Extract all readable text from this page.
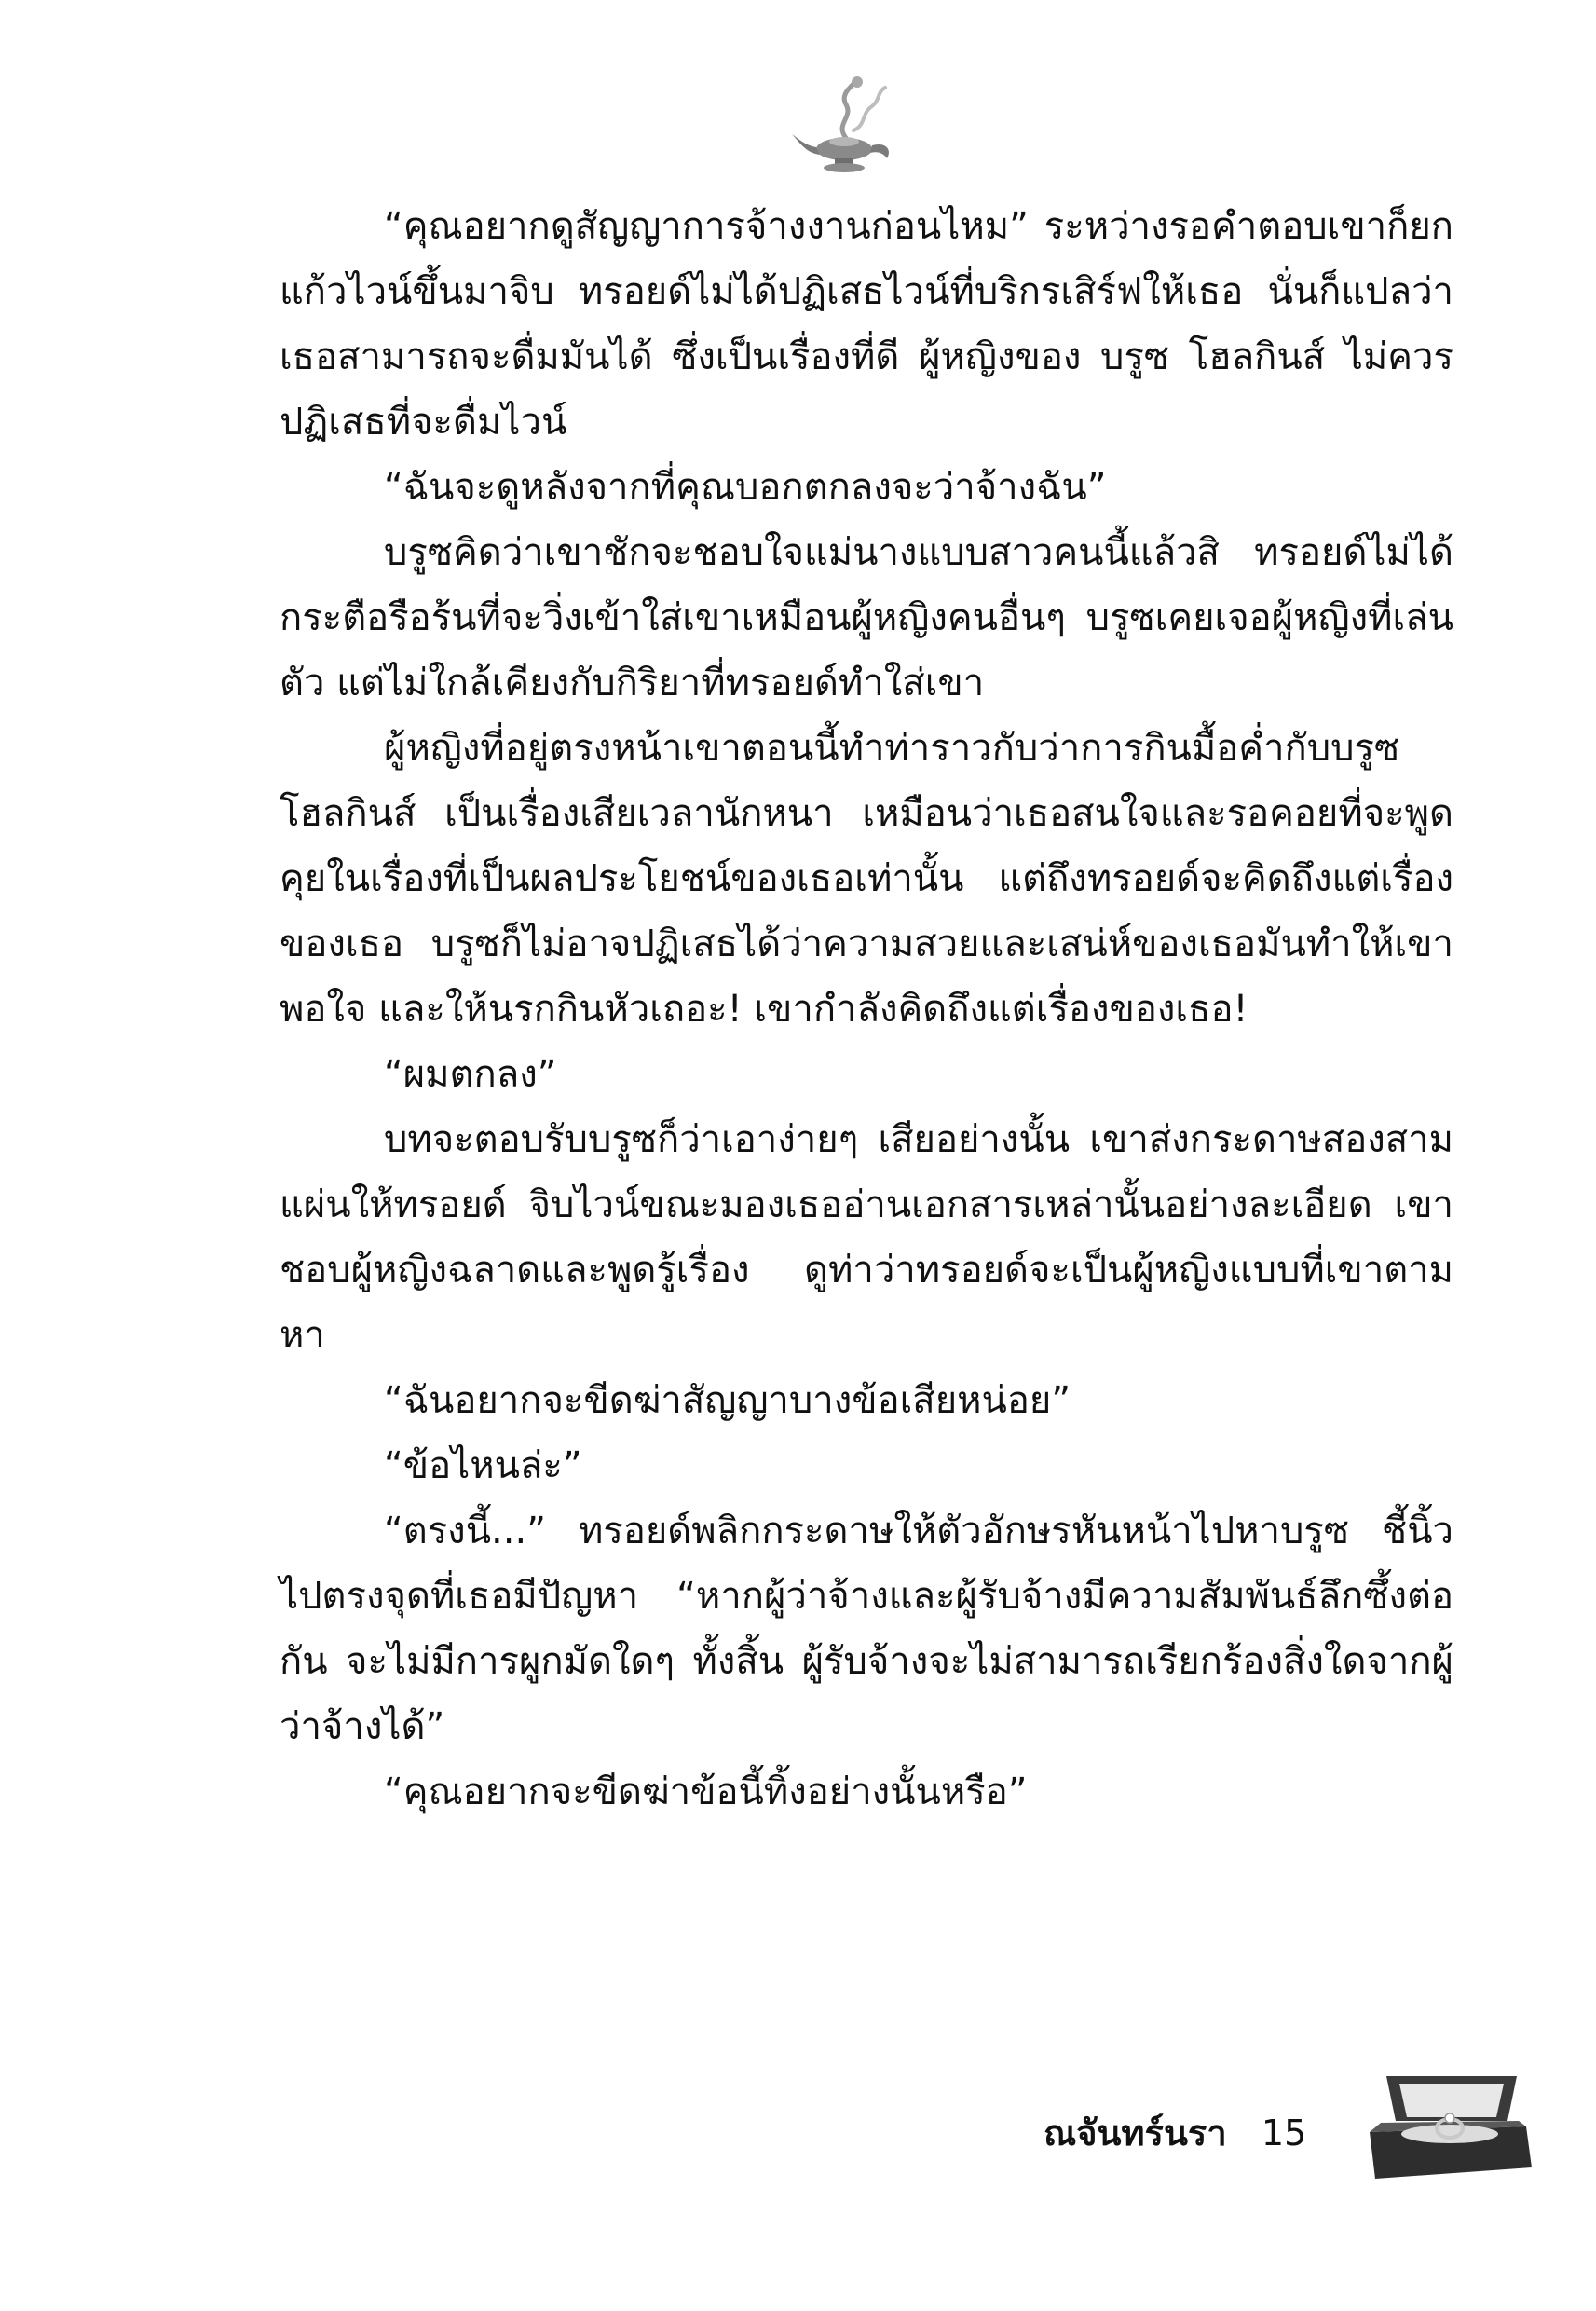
“คุณอยากดูสัญญาการจ้างงานก่อนไหม” ระหว่างรอคำตอบเขาก็ยกแก้วไวน์ขึ้นมาจิบ ทรอยด์ไม่ได้ปฏิเสธไวน์ที่บริกรเสิร์ฟให้เธอ นั่นก็แปลว่าเธอสามารถจะดื่มมันได้ ซึ่งเป็นเรื่องที่ดี ผู้หญิงของ บรูซ โฮลกินส์ ไม่ควรปฏิเสธที่จะดื่มไวน์

“ฉันจะดูหลังจากที่คุณบอกตกลงจะว่าจ้างฉัน”

บรูซคิดว่าเขาชักจะชอบใจแม่นางแบบสาวคนนี้แล้วสิ ทรอยด์ไม่ได้กระตือรือร้นที่จะวิ่งเข้าใส่เขาเหมือนผู้หญิงคนอื่นๆ บรูซเคยเจอผู้หญิงที่เล่นตัว แต่ไม่ใกล้เคียงกับกิริยาที่ทรอยด์ทำใส่เขา

ผู้หญิงที่อยู่ตรงหน้าเขาตอนนี้ทำท่าราวกับว่าการกินมื้อค่ำกับบรูซ โฮลกินส์ เป็นเรื่องเสียเวลานักหนา เหมือนว่าเธอสนใจและรอคอยที่จะพูดคุยในเรื่องที่เป็นผลประโยชน์ของเธอเท่านั้น แต่ถึงทรอยด์จะคิดถึงแต่เรื่องของเธอ บรูซก็ไม่อาจปฏิเสธได้ว่าความสวยและเสน่ห์ของเธอมันทำให้เขาพอใจ และให้นรกกินหัวเถอะ! เขากำลังคิดถึงแต่เรื่องของเธอ!

“ผมตกลง”

บทจะตอบรับบรูซก็ว่าเอาง่ายๆ เสียอย่างนั้น เขาส่งกระดาษสองสามแผ่นให้ทรอยด์ จิบไวน์ขณะมองเธออ่านเอกสารเหล่านั้นอย่างละเอียด เขาชอบผู้หญิงฉลาดและพูดรู้เรื่อง ดูท่าว่าทรอยด์จะเป็นผู้หญิงแบบที่เขาตามหา

“ฉันอยากจะขีดฆ่าสัญญาบางข้อเสียหน่อย”

“ข้อไหนล่ะ”

“ตรงนี้...” ทรอยด์พลิกกระดาษให้ตัวอักษรหันหน้าไปหาบรูซ ชี้นิ้วไปตรงจุดที่เธอมีปัญหา “หากผู้ว่าจ้างและผู้รับจ้างมีความสัมพันธ์ลึกซึ้งต่อกัน จะไม่มีการผูกมัดใดๆ ทั้งสิ้น ผู้รับจ้างจะไม่สามารถเรียกร้องสิ่งใดจากผู้ว่าจ้างได้”

“คุณอยากจะขีดฆ่าข้อนี้ทิ้งอย่างนั้นหรือ”

ณจันทร์นรา 15
